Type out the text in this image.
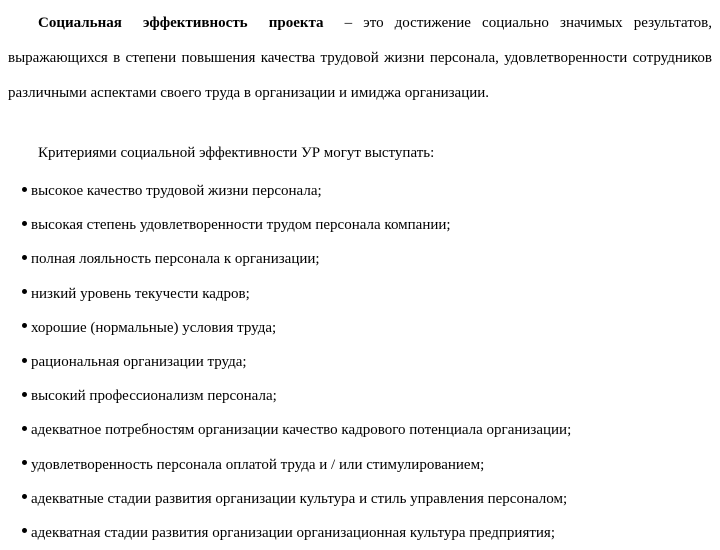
Социальная эффективность проекта – это достижение социально значимых результатов, выражающихся в степени повышения качества трудовой жизни персонала, удовлетворенности сотрудников различными аспектами своего труда в организации и имиджа организации.

Критериями социальной эффективности УР могут выступать:

высокое качество трудовой жизни персонала;
высокая степень удовлетворенности трудом персонала компании;
полная лояльность персонала к организации;
низкий уровень текучести кадров;
хорошие (нормальные) условия труда;
рациональная организации труда;
высокий профессионализм персонала;
адекватное потребностям организации качество кадрового потенциала организации;
удовлетворенность персонала оплатой труда и / или стимулированием;
адекватные стадии развития организации культура и стиль управления персоналом;
адекватная стадии развития организации организационная культура предприятия;
